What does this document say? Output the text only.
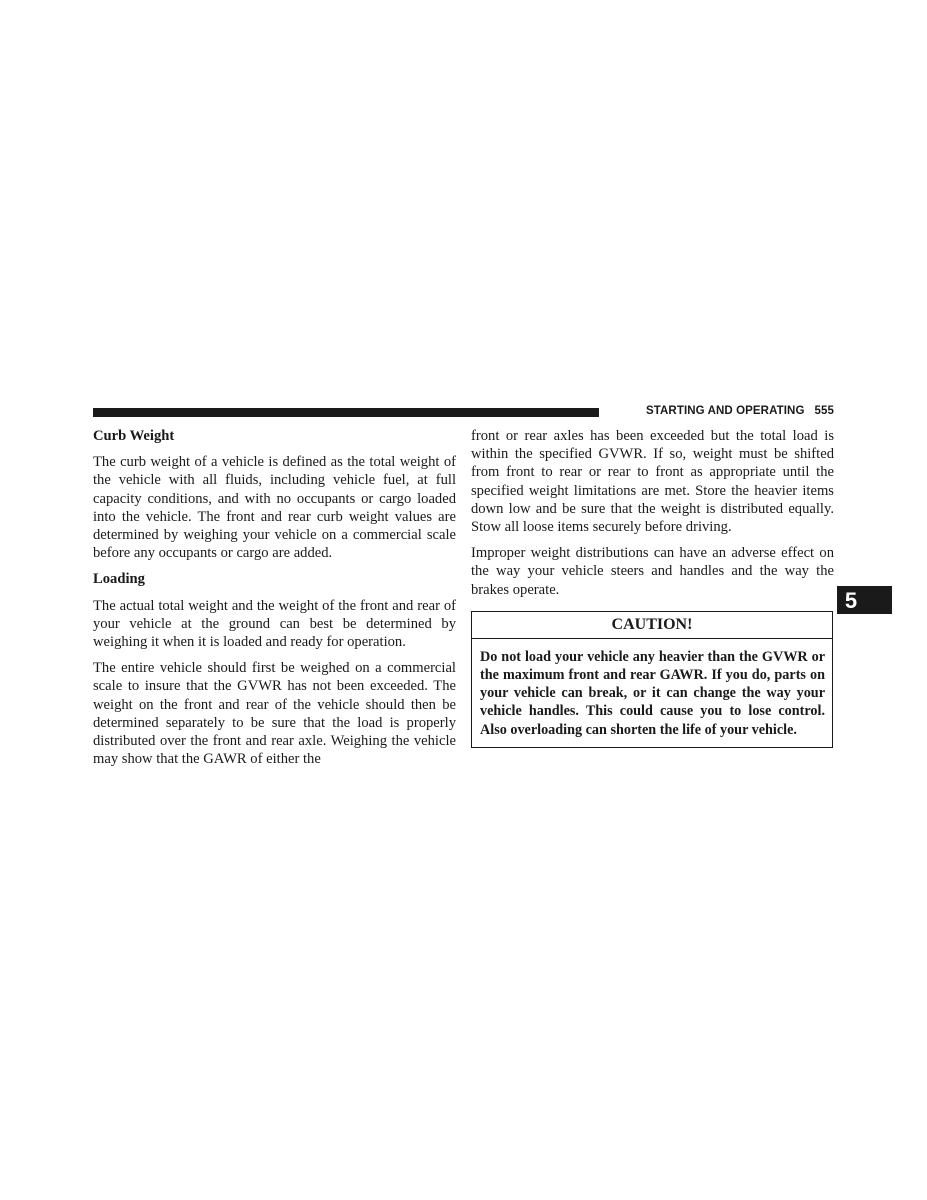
STARTING AND OPERATING 555
Curb Weight

The curb weight of a vehicle is defined as the total weight of the vehicle with all fluids, including vehicle fuel, at full capacity conditions, and with no occupants or cargo loaded into the vehicle. The front and rear curb weight values are determined by weighing your vehicle on a commercial scale before any occupants or cargo are added.

Loading

The actual total weight and the weight of the front and rear of your vehicle at the ground can best be determined by weighing it when it is loaded and ready for operation.

The entire vehicle should first be weighed on a commercial scale to insure that the GVWR has not been exceeded. The weight on the front and rear of the vehicle should then be determined separately to be sure that the load is properly distributed over the front and rear axle. Weighing the vehicle may show that the GAWR of either the

front or rear axles has been exceeded but the total load is within the specified GVWR. If so, weight must be shifted from front to rear or rear to front as appropriate until the specified weight limitations are met. Store the heavier items down low and be sure that the weight is distributed equally. Stow all loose items securely before driving.

Improper weight distributions can have an adverse effect on the way your vehicle steers and handles and the way the brakes operate.

CAUTION!
Do not load your vehicle any heavier than the GVWR or the maximum front and rear GAWR. If you do, parts on your vehicle can break, or it can change the way your vehicle handles. This could cause you to lose control. Also overloading can shorten the life of your vehicle.
5
